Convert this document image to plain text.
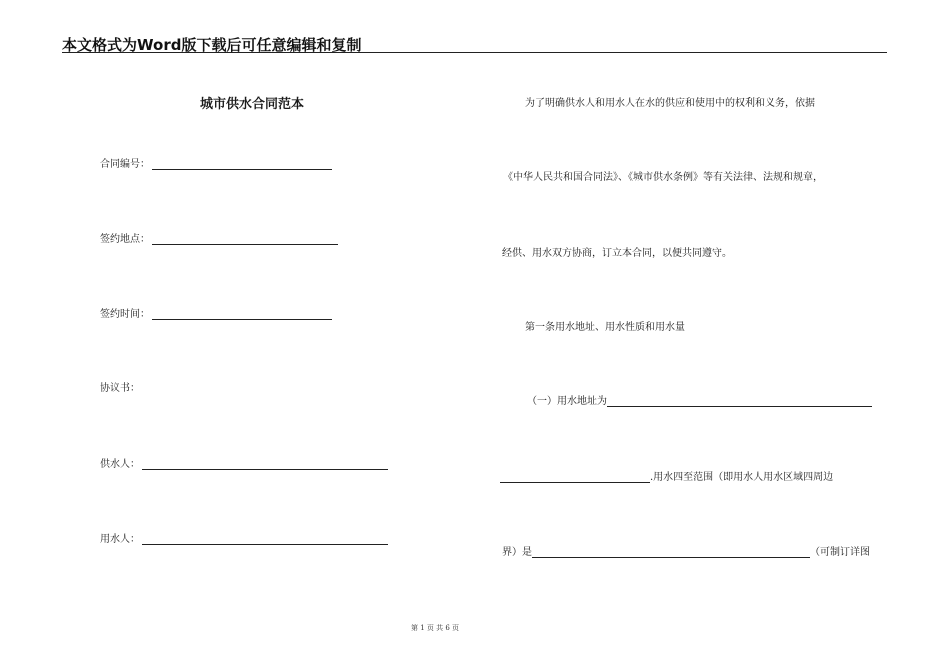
本文格式为Word版下载后可任意编辑和复制
城市供水合同范本
合同编号：
签约地点：
签约时间：
协议书：
供水人：
用水人：
为了明确供水人和用水人在水的供应和使用中的权利和义务，依据
《中华人民共和国合同法》、《城市供水条例》等有关法律、法规和规章，
经供、用水双方协商，订立本合同，以便共同遵守。
第一条用水地址、用水性质和用水量
（一）用水地址为
.用水四至范围（即用水人用水区域四周边
界）是	（可制订详图
第 1 页 共 6 页
